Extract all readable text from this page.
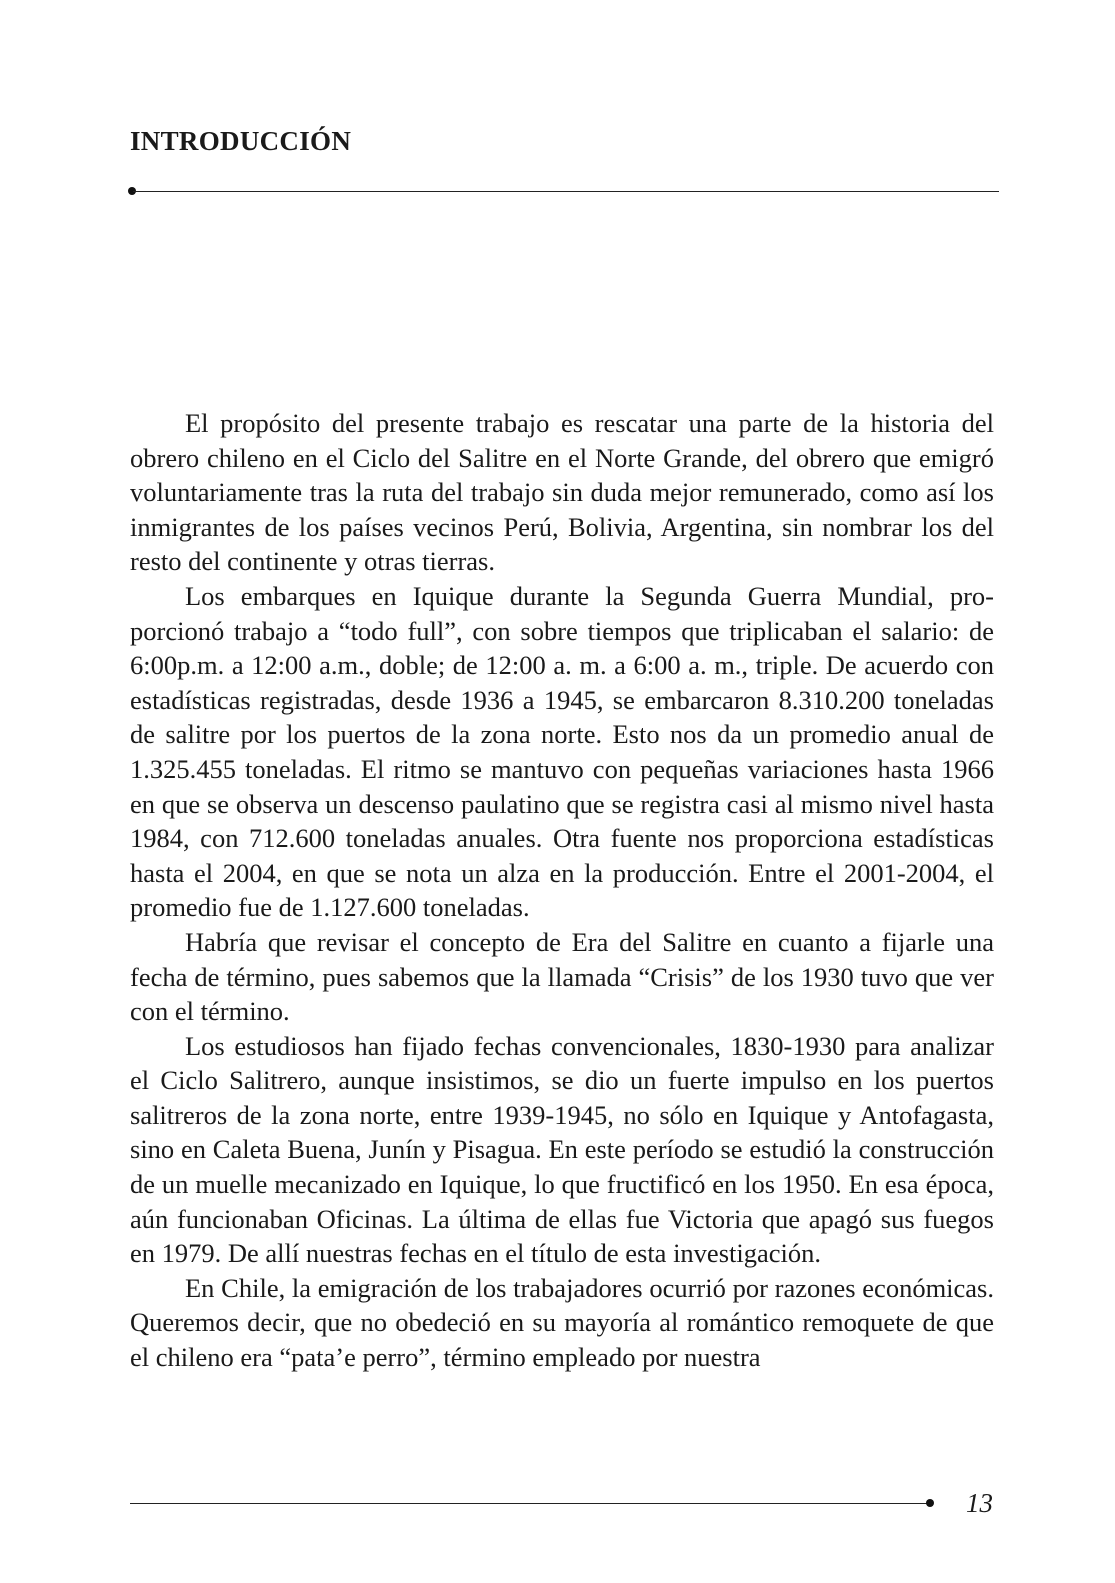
INTRODUCCIÓN

El propósito del presente trabajo es rescatar una parte de la historia del obrero chileno en el Ciclo del Salitre en el Norte Grande, del obrero que emigró voluntariamente tras la ruta del trabajo sin duda mejor remunerado, como así los inmigrantes de los países vecinos Perú, Bolivia, Argentina, sin nombrar los del resto del continente y otras tierras.

Los embarques en Iquique durante la Segunda Guerra Mundial, proporcionó trabajo a “todo full”, con sobre tiempos que triplicaban el salario: de 6:00p.m. a 12:00 a.m., doble; de 12:00 a. m. a 6:00 a. m., triple. De acuerdo con estadísticas registradas, desde 1936 a 1945, se embarcaron 8.310.200 toneladas de salitre por los puertos de la zona norte. Esto nos da un promedio anual de 1.325.455 toneladas. El ritmo se mantuvo con pequeñas variaciones hasta 1966 en que se observa un descenso paulatino que se registra casi al mismo nivel hasta 1984, con 712.600 toneladas anuales. Otra fuente nos proporciona estadísticas hasta el 2004, en que se nota un alza en la producción. Entre el 2001-2004, el promedio fue de 1.127.600 toneladas.

Habría que revisar el concepto de Era del Salitre en cuanto a fijarle una fecha de término, pues sabemos que la llamada “Crisis” de los 1930 tuvo que ver con el término.

Los estudiosos han fijado fechas convencionales, 1830-1930 para analizar el Ciclo Salitrero, aunque insistimos, se dio un fuerte impulso en los puertos salitreros de la zona norte, entre 1939-1945, no sólo en Iquique y Antofagasta, sino en Caleta Buena, Junín y Pisagua. En este período se estudió la construcción de un muelle mecanizado en Iquique, lo que fructificó en los 1950. En esa época, aún funcionaban Oficinas. La última de ellas fue Victoria que apagó sus fuegos en 1979. De allí nuestras fechas en el título de esta investigación.

En Chile, la emigración de los trabajadores ocurrió por razones económicas. Queremos decir, que no obedeció en su mayoría al romántico remoquete de que el chileno era “pata’e perro”, término empleado por nuestra

13
